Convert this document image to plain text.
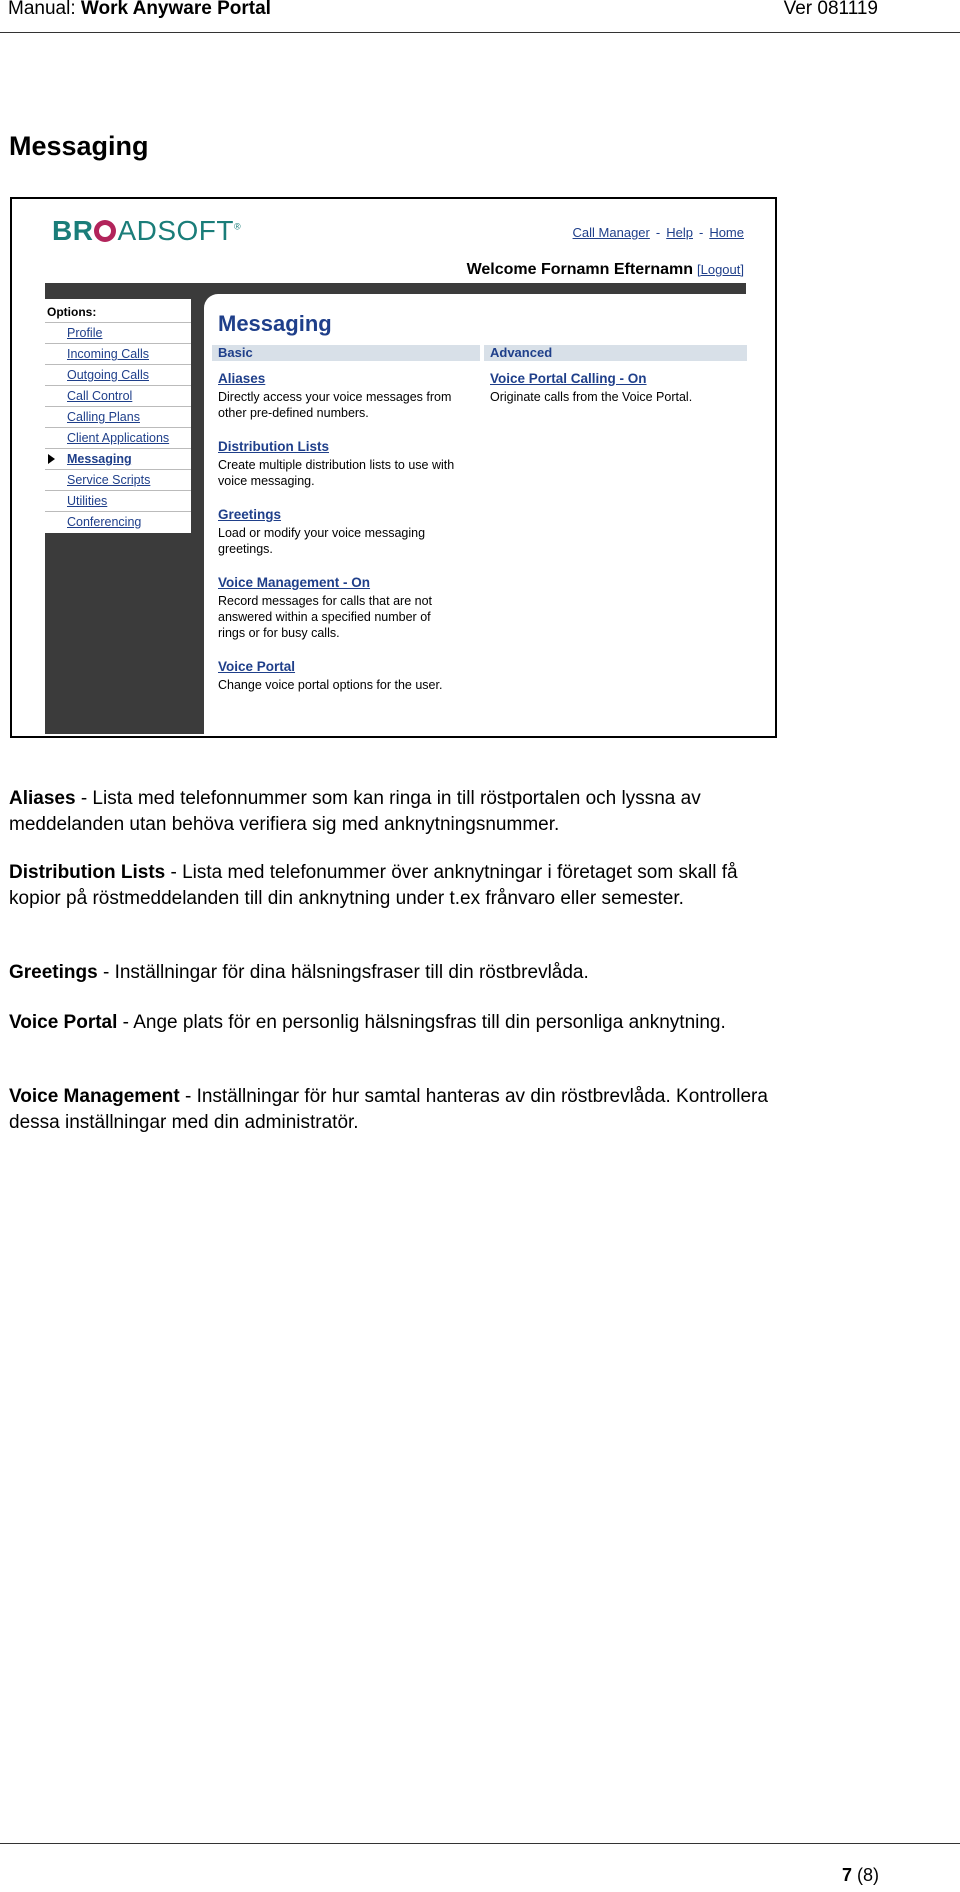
Manual: Work Anyware Portal	Ver 081119
Messaging
BR ADSOFT®	Call Manager - Help - Home
Welcome Fornamn Efternamn [Logout]
Options:
Profile
Incoming Calls
Outgoing Calls
Call Control
Calling Plans
Client Applications
Messaging
Service Scripts
Utilities
Conferencing
Messaging
Basic	Advanced
Aliases
Directly access your voice messages from other pre-defined numbers.
Distribution Lists
Create multiple distribution lists to use with voice messaging.
Greetings
Load or modify your voice messaging greetings.
Voice Management - On
Record messages for calls that are not answered within a specified number of rings or for busy calls.
Voice Portal
Change voice portal options for the user.
Voice Portal Calling - On
Originate calls from the Voice Portal.

Aliases - Lista med telefonnummer som kan ringa in till röstportalen och lyssna av meddelanden utan behöva verifiera sig med anknytningsnummer.

Distribution Lists - Lista med telefonummer över anknytningar i företaget som skall få kopior på röstmeddelanden till din anknytning under t.ex frånvaro eller semester.

Greetings - Inställningar för dina hälsningsfraser till din röstbrevlåda.

Voice Portal - Ange plats för en personlig hälsningsfras till din personliga anknytning.

Voice Management - Inställningar för hur samtal hanteras av din röstbrevlåda. Kontrollera dessa inställningar med din administratör.

7 (8)
